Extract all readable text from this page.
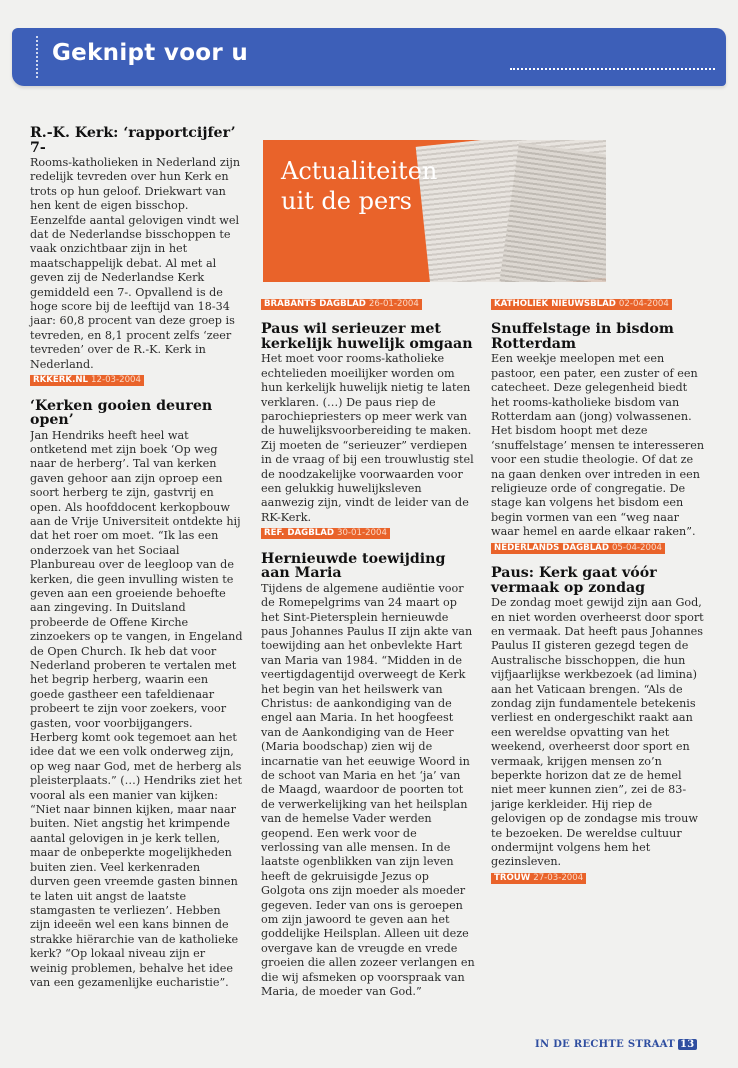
Geknipt voor u
Actualiteiten
uit de pers
R.-K. Kerk: ‘rapportcijfer’ 7-

Rooms-katholieken in Nederland zijn redelijk tevreden over hun Kerk en trots op hun geloof. Driekwart van hen kent de eigen bisschop. Eenzelfde aantal gelovigen vindt wel dat de Nederlandse bisschoppen te vaak onzichtbaar zijn in het maatschappelijk debat. Al met al geven zij de Nederlandse Kerk gemiddeld een 7-. Opvallend is de hoge score bij de leeftijd van 18-34 jaar: 60,8 procent van deze groep is tevreden, en 8,1 procent zelfs ‘zeer tevreden’ over de R.-K. Kerk in Nederland.

RKKERK.NL 12-03-2004
‘Kerken gooien deuren open’

Jan Hendriks heeft heel wat ontketend met zijn boek ‘Op weg naar de herberg’. Tal van kerken gaven gehoor aan zijn oproep een soort herberg te zijn, gastvrij en open. Als hoofddocent kerkopbouw aan de Vrije Universiteit ontdekte hij dat het roer om moet. “Ik las een onderzoek van het Sociaal Planbureau over de leegloop van de kerken, die geen invulling wisten te geven aan een groeiende behoefte aan zingeving. In Duitsland probeerde de Offene Kirche zinzoekers op te vangen, in Engeland de Open Church. Ik heb dat voor Nederland proberen te vertalen met het begrip herberg, waarin een goede gastheer een tafeldienaar probeert te zijn voor zoekers, voor gasten, voor voorbijgangers. Herberg komt ook tegemoet aan het idee dat we een volk onderweg zijn, op weg naar God, met de herberg als pleisterplaats.” (…) Hendriks ziet het vooral als een manier van kijken: “Niet naar binnen kijken, maar naar buiten. Niet angstig het krimpende aantal gelovigen in je kerk tellen, maar de onbeperkte mogelijkheden buiten zien. Veel kerkenraden durven geen vreemde gasten binnen te laten uit angst de laatste stamgasten te verliezen’. Hebben zijn ideeën wel een kans binnen de strakke hiërarchie van de katholieke kerk? “Op lokaal niveau zijn er weinig problemen, behalve het idee van een gezamenlijke eucharistie”.

BRABANTS DAGBLAD 26-01-2004
Paus wil serieuzer met kerkelijk huwelijk omgaan

Het moet voor rooms-katholieke echtelieden moeilijker worden om hun kerkelijk huwelijk nietig te laten verklaren. (…) De paus riep de parochiepriesters op meer werk van de huwelijksvoorbereiding te maken. Zij moeten de “serieuzer” verdiepen in de vraag of bij een trouwlustig stel de noodzakelijke voorwaarden voor een gelukkig huwelijksleven aanwezig zijn, vindt de leider van de RK-Kerk.

REF. DAGBLAD 30-01-2004
Hernieuwde toewijding aan Maria

Tijdens de algemene audiëntie voor de Romepelgrims van 24 maart op het Sint-Pietersplein hernieuwde paus Johannes Paulus II zijn akte van toewijding aan het onbevlekte Hart van Maria van 1984. “Midden in de veertigdagentijd overweegt de Kerk het begin van het heilswerk van Christus: de aankondiging van de engel aan Maria. In het hoogfeest van de Aankondiging van de Heer (Maria boodschap) zien wij de incarnatie van het eeuwige Woord in de schoot van Maria en het ‘ja’ van de Maagd, waardoor de poorten tot de verwerkelijking van het heilsplan van de hemelse Vader werden geopend. Een werk voor de verlossing van alle mensen. In de laatste ogenblikken van zijn leven heeft de gekruisigde Jezus op Golgota ons zijn moeder als moeder gegeven. Ieder van ons is geroepen om zijn jawoord te geven aan het goddelijke Heilsplan. Alleen uit deze overgave kan de vreugde en vrede groeien die allen zozeer verlangen en die wij afsmeken op voorspraak van Maria, de moeder van God.”

KATHOLIEK NIEUWSBLAD 02-04-2004
Snuffelstage in bisdom Rotterdam

Een weekje meelopen met een pastoor, een pater, een zuster of een catecheet. Deze gelegenheid biedt het rooms-katholieke bisdom van Rotterdam aan (jong) volwassenen. Het bisdom hoopt met deze ‘snuffelstage’ mensen te interesseren voor een studie theologie. Of dat ze na gaan denken over intreden in een religieuze orde of congregatie. De stage kan volgens het bisdom een begin vormen van een “weg naar waar hemel en aarde elkaar raken”.

NEDERLANDS DAGBLAD 05-04-2004
Paus: Kerk gaat vóór vermaak op zondag

De zondag moet gewijd zijn aan God, en niet worden overheerst door sport en vermaak. Dat heeft paus Johannes Paulus II gisteren gezegd tegen de Australische bisschoppen, die hun vijfjaarlijkse werkbezoek (ad limina) aan het Vaticaan brengen. “Als de zondag zijn fundamentele betekenis verliest en ondergeschikt raakt aan een wereldse opvatting van het weekend, overheerst door sport en vermaak, krijgen mensen zo’n beperkte horizon dat ze de hemel niet meer kunnen zien”, zei de 83-jarige kerkleider. Hij riep de gelovigen op de zondagse mis trouw te bezoeken. De wereldse cultuur ondermijnt volgens hem het gezinsleven.

TROUW 27-03-2004
IN DE RECHTE STRAAT 13
